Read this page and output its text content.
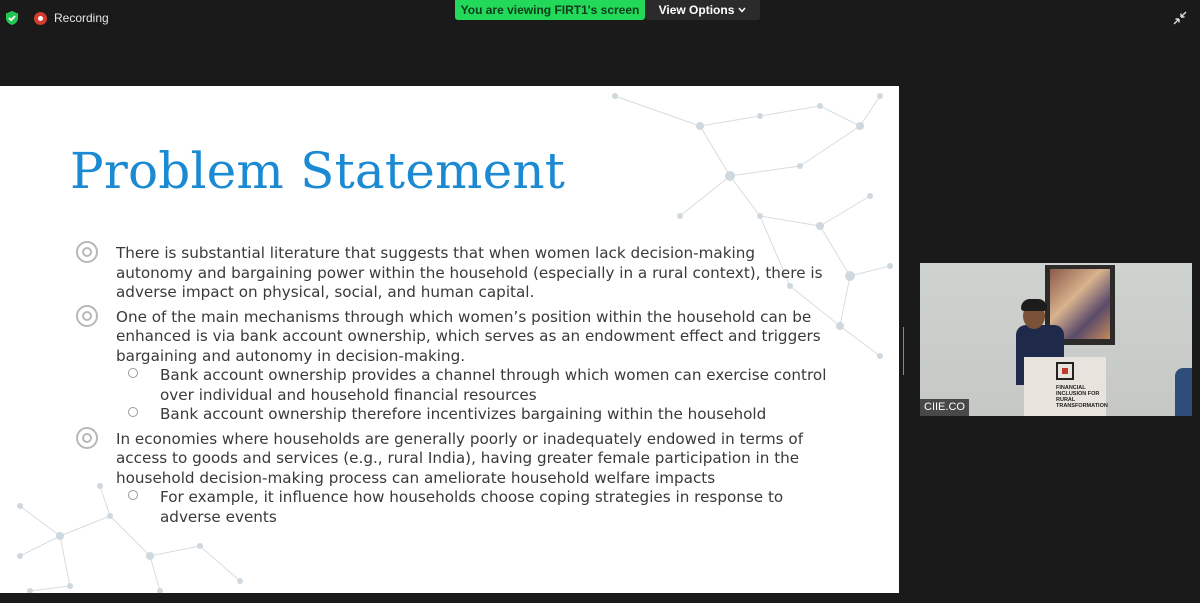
Recording
You are viewing FIRT1's screen	View Options
Problem Statement
There is substantial literature that suggests that when women lack decision-making autonomy and bargaining power within the household (especially in a rural context), there is adverse impact on physical, social, and human capital.
One of the main mechanisms through which women’s position within the household can be enhanced is via bank account ownership, which serves as an endowment effect and triggers bargaining and autonomy in decision-making.
Bank account ownership provides a channel through which women can exercise control over individual and household financial resources
Bank account ownership therefore incentivizes bargaining within the household
In economies where households are generally poorly or inadequately endowed in terms of access to goods and services (e.g., rural India), having greater female participation in the household decision-making process can ameliorate household welfare impacts
For example, it influence how households choose coping strategies in response to adverse events
FINANCIAL INCLUSION FOR RURAL TRANSFORMATION
CIIE.CO
